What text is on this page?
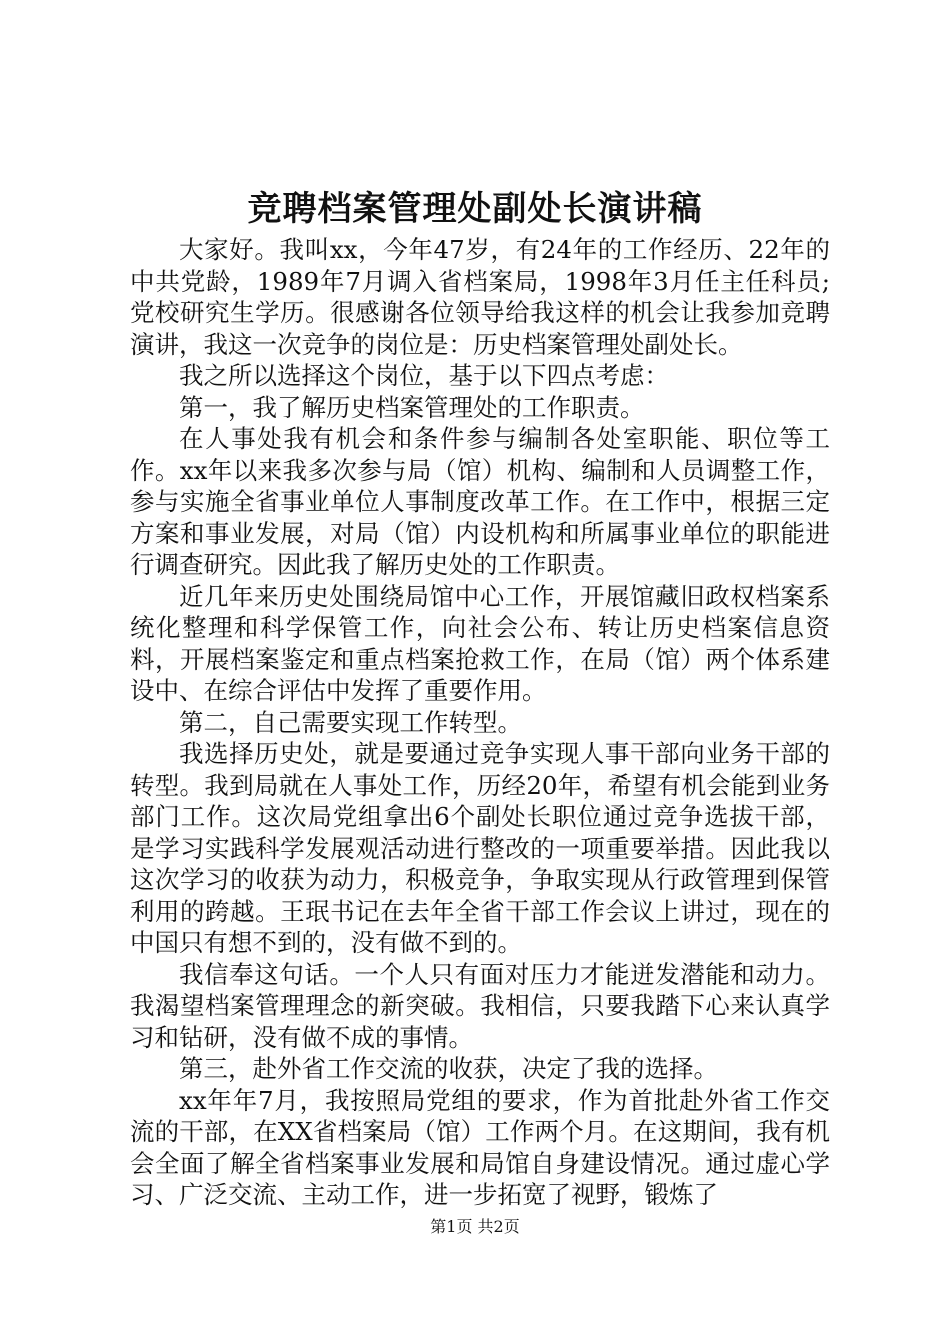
竞聘档案管理处副处长演讲稿

大家好。我叫xx，今年47岁，有24年的工作经历、22年的中共党龄，1989年7月调入省档案局，1998年3月任主任科员;党校研究生学历。很感谢各位领导给我这样的机会让我参加竞聘演讲，我这一次竞争的岗位是：历史档案管理处副处长。

我之所以选择这个岗位，基于以下四点考虑：

第一，我了解历史档案管理处的工作职责。

在人事处我有机会和条件参与编制各处室职能、职位等工作。xx年以来我多次参与局（馆）机构、编制和人员调整工作，参与实施全省事业单位人事制度改革工作。在工作中，根据三定方案和事业发展，对局（馆）内设机构和所属事业单位的职能进行调查研究。因此我了解历史处的工作职责。

近几年来历史处围绕局馆中心工作，开展馆藏旧政权档案系统化整理和科学保管工作，向社会公布、转让历史档案信息资料，开展档案鉴定和重点档案抢救工作，在局（馆）两个体系建设中、在综合评估中发挥了重要作用。

第二，自己需要实现工作转型。

我选择历史处，就是要通过竞争实现人事干部向业务干部的转型。我到局就在人事处工作，历经20年，希望有机会能到业务部门工作。这次局党组拿出6个副处长职位通过竞争选拔干部，是学习实践科学发展观活动进行整改的一项重要举措。因此我以这次学习的收获为动力，积极竞争，争取实现从行政管理到保管利用的跨越。王珉书记在去年全省干部工作会议上讲过，现在的中国只有想不到的，没有做不到的。

我信奉这句话。一个人只有面对压力才能迸发潜能和动力。我渴望档案管理理念的新突破。我相信，只要我踏下心来认真学习和钻研，没有做不成的事情。

第三，赴外省工作交流的收获，决定了我的选择。

xx年年7月，我按照局党组的要求，作为首批赴外省工作交流的干部，在XX省档案局（馆）工作两个月。在这期间，我有机会全面了解全省档案事业发展和局馆自身建设情况。通过虚心学习、广泛交流、主动工作，进一步拓宽了视野，锻炼了

第1页 共2页
